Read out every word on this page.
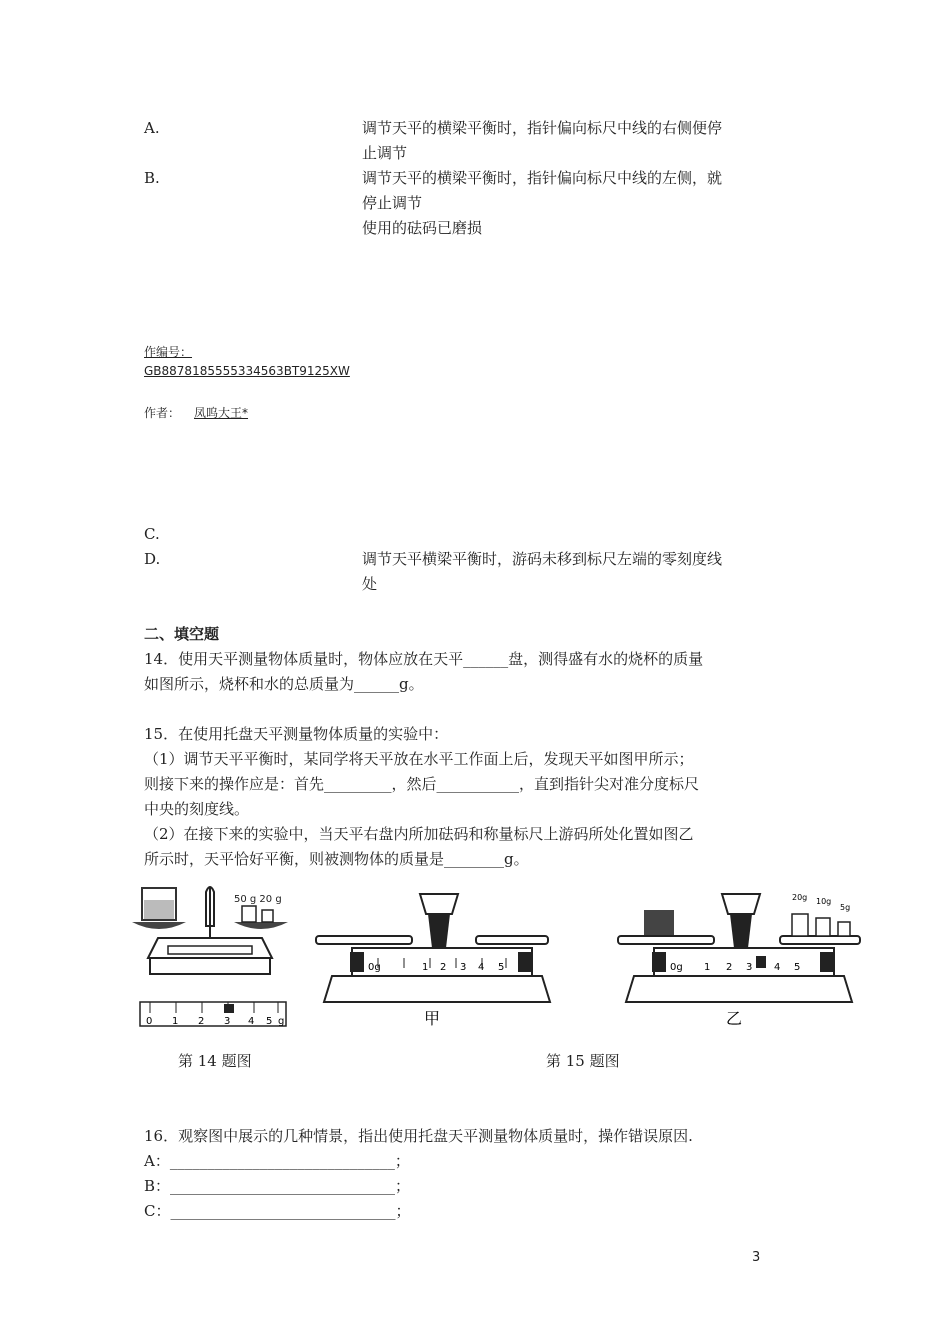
A.	调节天平的横梁平衡时，指针偏向标尺中线的右侧便停
止调节
B.	调节天平的横梁平衡时，指针偏向标尺中线的左侧，就
停止调节
使用的砝码已磨损
作编号：
GB8878185555334563BT9125XW
作者： 凤呜大王*
C.
D.	调节天平横梁平衡时，游码未移到标尺左端的零刻度线
处
二、填空题
14．使用天平测量物体质量时，物体应放在天平______盘，测得盛有水的烧杯的质量
如图所示，烧杯和水的总质量为______g。
15．在使用托盘天平测量物体质量的实验中：
（1）调节天平平衡时，某同学将天平放在水平工作面上后，发现天平如图甲所示；
则接下来的操作应是：首先_________，然后___________，直到指针尖对准分度标尺
中央的刻度线。
（2）在接下来的实验中，当天平右盘内所加砝码和称量标尺上游码所处化置如图乙
所示时，天平恰好平衡，则被测物体的质量是________g。
50 g 20 g
0 1 2 3 4 5 g
0g	1 2 3 4 5
甲
20g 10g
5g
0g 1 2 3 4 5
乙
第 14 题图	第 15 题图
16．观察图中展示的几种情景，指出使用托盘天平测量物体质量时，操作错误原因.
A：______________________________；
B：______________________________；
C：______________________________；
3
